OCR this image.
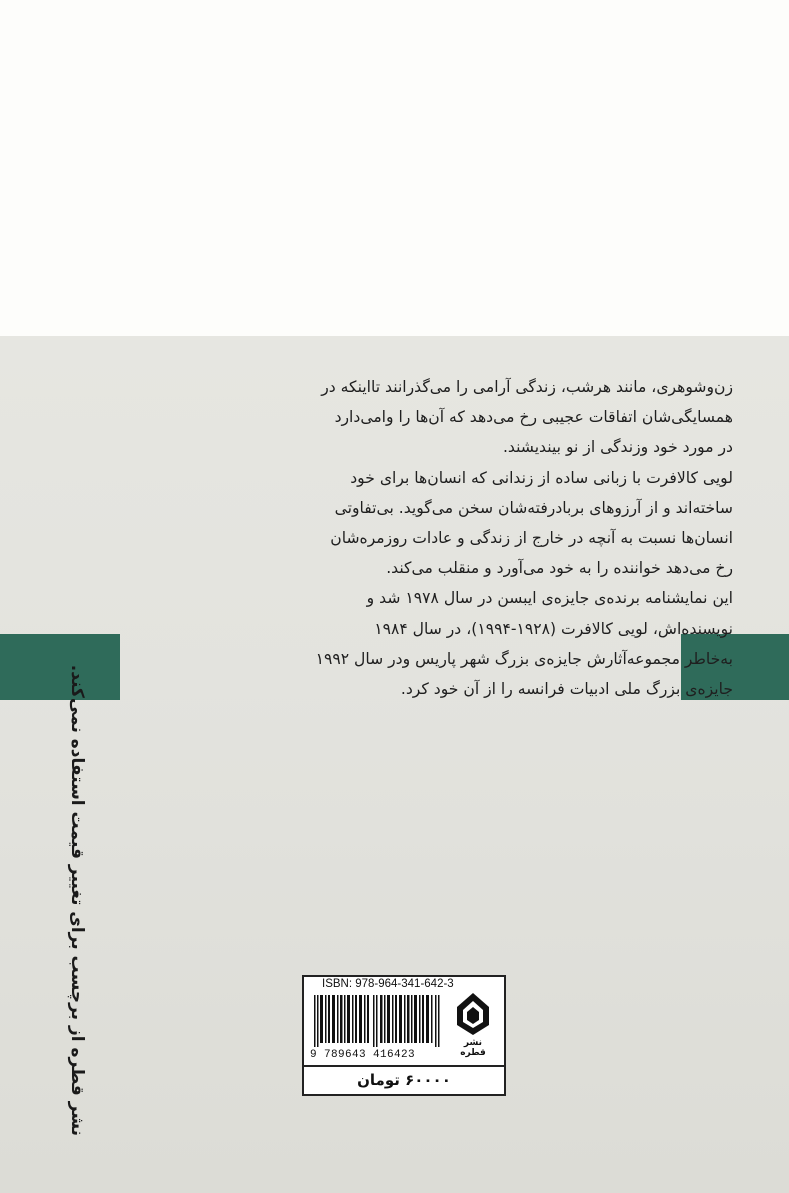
زن‌وشوهری، مانند هرشب، زندگی آرامی را می‌گذرانند تااینکه در

همسایگی‌شان اتفاقات عجیبی رخ می‌دهد که آن‌ها را وامی‌دارد

در مورد خود وزندگی از نو بیندیشند.

لویی کالافرت با زبانی ساده از زندانی که انسان‌ها برای خود

ساخته‌اند و از آرزوهای بربادرفته‌شان سخن می‌گوید. بی‌تفاوتی

انسان‌ها نسبت به آنچه در خارج از زندگی و عادات روزمره‌شان

رخ می‌دهد خواننده را به خود می‌آورد و منقلب می‌کند.

این نمایشنامه برنده‌ی جایزه‌ی ایبسن در سال ۱۹۷۸ شد و

نویسنده‌اش، لویی کالافرت (۱۹۲۸-۱۹۹۴)، در سال ۱۹۸۴

به‌خاطر مجموعه‌آثارش جایزه‌ی بزرگ شهر پاریس ودر سال ۱۹۹۲

جایزه‌ی بزرگ ملی ادبیات فرانسه را از آن خود کرد.

نشر قطره از برچسب برای تغییر قیمت استفاده نمی‌کند.	ISBN: 978-964-341-642-3
9 789643 416423
نشر قطره
۶۰۰۰۰ تومان
